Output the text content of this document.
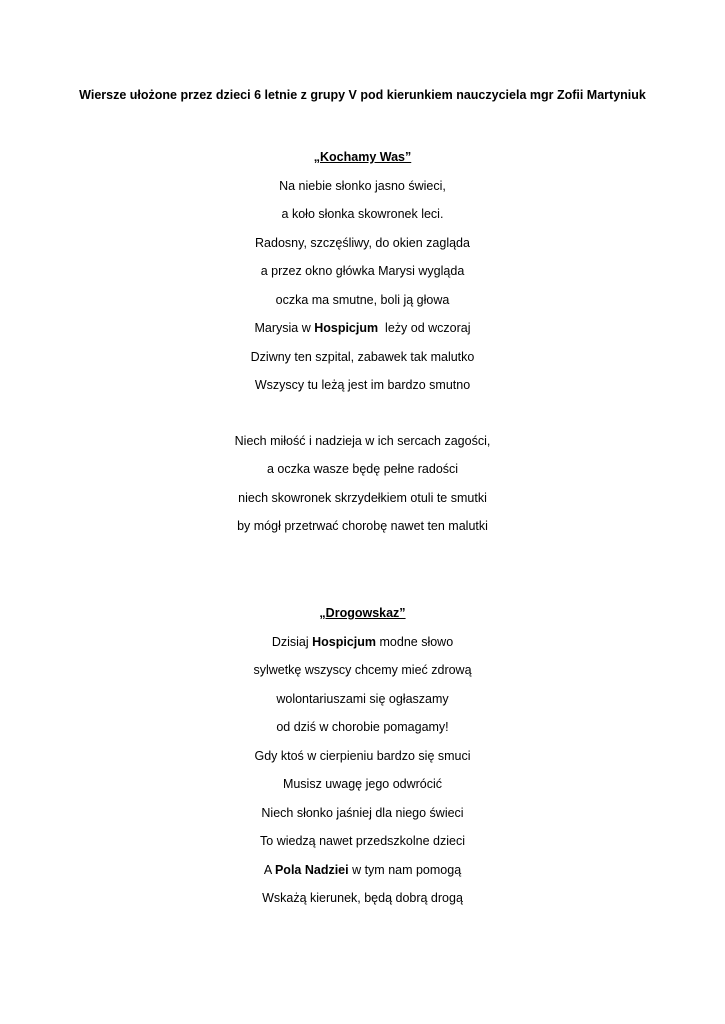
Wiersze ułożone przez dzieci 6 letnie z grupy V pod kierunkiem nauczyciela mgr Zofii Martyniuk
„Kochamy Was”
Na niebie słonko jasno świeci,
a koło słonka skowronek leci.
Radosny, szczęśliwy, do okien zagląda
a przez okno główka Marysi wygląda
oczka ma smutne, boli ją głowa
Marysia w Hospicjum  leży od wczoraj
Dziwny ten szpital, zabawek tak malutko
Wszyscy tu leżą jest im bardzo smutno
Niech miłość i nadzieja w ich sercach zagości,
a oczka wasze będę pełne radości
niech skowronek skrzydełkiem otuli te smutki
by mógł przetrwać chorobę nawet ten malutki
„Drogowskaz”
Dzisiaj Hospicjum modne słowo
sylwetkę wszyscy chcemy mieć zdrową
wolontariuszami się ogłaszamy
od dziś w chorobie pomagamy!
Gdy ktoś w cierpieniu bardzo się smuci
Musisz uwagę jego odwrócić
Niech słonko jaśniej dla niego świeci
To wiedzą nawet przedszkolne dzieci
A Pola Nadziei w tym nam pomogą
Wskażą kierunek, będą dobrą drogą
